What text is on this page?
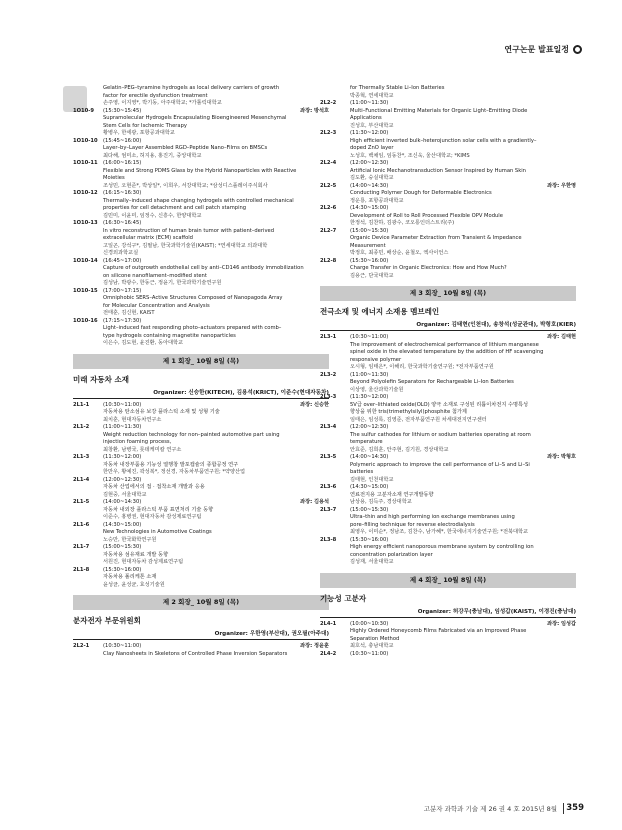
연구논문 발표일정
Gelatin–PEG–tyramine hydrogels as local delivery carriers of growth
factor for erectile dysfunction treatment
손주영, 이지영*, 박기동, 아주대학교; *가톨릭대학교
1O10-9	(15:30~15:45)	좌장: 방석호
Supramolecular Hydrogels Encapsulating Bioengineered Mesenchymal
Stem Cells for Ischemic Therapy
황병우, 한세광, 포항공과대학교
1O10-10	(15:45~16:00)
Layer–by–Layer Assembled RGD–Peptide Nano–Films on BMSCs
최다해, 엄미소, 허지용, 홍진기, 중앙대학교
1O10-11	(16:00~16:15)
Flexible and Strong PDMS Glass by the Hybrid Nanoparticles with Reactive
Moieties
조성민, 오현준*, 박상일*, 이희우, 서강대학교; *삼성디스플레이주식회사
1O10-12	(16:15~16:30)
Thermally–induced shape changing hydrogels with controlled mechanical
properties for cell detachment and cell patch stamping
김민미, 이윤미, 임정수, 신흥수, 한양대학교
1O10-13	(16:30~16:45)
In vitro reconstruction of human brain tumor with patient–derived
extracellular matrix (ECM) scaffold
고일곤, 강석구*, 김필남, 한국과학기술원(KAIST); *연세대학교 의과대학
신경외과학교실
1O10-14	(16:45~17:00)
Capture of outgrowth endothelial cell by anti–CD146 antibody immobilization
on silicone nanofilament–modified stent
김성남, 박광수, 한동근, 정윤기, 한국과학기술연구원
1O10-15	(17:00~17:15)
Omniphobic SERS–Active Structures Composed of Nanopagoda Array
for Molecular Concentration and Analysis
전태훈, 김신현, KAIST
1O10-16	(17:15~17:30)
Light–induced fast responding photo–actuators prepared with comb–
type hydrogels containing magnetite nanoparticles
이은수, 김도현, 윤진환, 동아대학교
제 1 회장_ 10월 8일 (목)
미래 자동차 소재
Organizer: 신승한(KITECH), 김용석(KRICT), 이준수(현대자동차)
2L1-1	(10:30~11:00)	좌장: 신승한
자동차용 탄소섬유 보강 플라스틱 소재 및 성형 기술
최치훈, 현대자동차연구소
2L1-2	(11:00~11:30)
Weight reduction technology for non–painted automotive part using
injection foaming process,
최창환, 남병국, 롯데케미칼 연구소
2L1-3	(11:30~12:00)
자동차 내장부품용 기능성 열행창 발포캡슐의 종합공정 연구
한만우, 황예진, 곽성복*, 정선경, 자동차부품연구원; *약양산업
2L1-4	(12:00~12:30)
자동차 산업에서의 접 · 접착소재 개발과 응용
김현중, 서울대학교
2L1-5	(14:00~14:30)	좌장: 김용석
자동차 내외장 플라스틱 부품 표면처리 기술 동향
이준수, 홍병권, 현대자동차 감성제료연구팀
2L1-6	(14:30~15:00)
New Technologies in Automotive Coatings
노승만, 한국화학연구원
2L1-7	(15:00~15:30)
자동차용 섬유재료 개발 동향
서원진, 현대자동차 감성제료연구팀
2L1-8	(15:30~16:00)
자동차용 폴리케톤 소재
윤성균, 윤성균, 효성기술원
제 2 회장_ 10월 8일 (목)
분자전자 부문위원회
Organizer: 우한영(부산대), 권오필(아주대)
2L2-1	(10:30~11:00)	좌장: 정윤훈
Clay Nanosheets in Skeletons of Controlled Phase Inversion Separators
for Thermally Stable Li–Ion Batteries
박종혁, 연세대학교
2L2-2	(11:00~11:30)
Multi–Functional Emitting Materials for Organic Light–Emitting Diode
Applications
진성호, 부산대학교
2L2-3	(11:30~12:00)
High efficient inverted bulk–heterojunction solar cells with a gradiently–
doped ZnO layer
노성호, 백채임, 임동찬*, 조신욱, 울산대학교; *KIMS
2L2-4	(12:00~12:30)
Artificial Ionic Mechanotransduction Sensor Inspired by Human Skin
김도환, 숭실대학교
2L2-5	(14:00~14:30)	좌장: 우한영
Conducting Polymer Dough for Deformable Electronics
정운룡, 포항공과대학교
2L2-6	(14:30~15:00)
Development of Roll to Roll Processed Flexible OPV Module
한정석, 김찬하, 김광수, 코오롱인더스트리(주)
2L2-7	(15:00~15:30)
Organic Device Parameter Extraction from Transient & Impedance
Measurement
박정호, 최종민, 배상순, 윤철오, 엑사이언스
2L2-8	(15:30~16:00)
Charge Transfer in Organic Electronics: How and How Much?
김용근, 단국대학교
제 3 회장_ 10월 8일 (목)
전극소재 및 에너지 소재용 멤브레인
Organizer: 김태현(인천대), 송창석(성균관대), 박형호(KIER)
2L3-1	(10:30~11:00)	좌장: 김태현
The improvement of electrochemical performance of lithium manganese
spinel oxide in the elevated temperature by the addition of HF scavenging
responsive polymer
오시형, 임태은*, 이해리, 한국과학기술연구원; *전자부품연구원
2L3-2	(11:00~11:30)
Beyond Polyolefin Separators for Rechargeable Li–Ion Batteries
이상영, 울산과학기술원
2L3-3	(11:30~12:00)
5V급 over–lithiated oxide(OLO) 양극 소재로 구성된 리튬이차전지 수명특성
향상을 위한 tris(trimethylsilyl)phosphite 첨가제
임태은, 임성록, 김영준, 전자부품연구원 차세대전지연구센터
2L3-4	(12:00~12:30)
The sulfur cathodes for lithium or sodium batteries operating at room
temperature
안효준, 김희훈, 안주현, 김기원, 경상대학교
2L3-5	(14:00~14:30)	좌장: 박형호
Polymeric approach to improve the cell performance of Li–S and Li–Si
batteries
김태현, 인천대학교
2L3-6	(14:30~15:00)
연료전지용 고분자소재 연구개발동향
남상용, 김득주, 경상대학교
2L3-7	(15:00~15:30)
Ultra–thin and high performing ion exchange membranes using
pore–filling technique for reverse electrodialysis
최영우, 이미순*, 정남조, 김찬수, 남가혜*, 한국에너지기술연구원; *전북대학교
2L3-8	(15:30~16:00)
High energy efficient nanoporous membrane system by controlling ion
concentration polarization layer
김성재, 서울대학교
제 4 회장_ 10월 8일 (목)
기능성 고분자
Organizer: 허강무(충남대), 임성갑(KAIST), 이경진(충남대)
2L4-1	(10:00~10:30)	좌장: 임성갑
Highly Ordered Honeycomb Films Fabricated via an Improved Phase
Separation Method
최호석, 충남대학교
2L4-2	(10:30~11:00)
고분자 과학과 기술 제 26 권 4 호 2015년 8월 359
